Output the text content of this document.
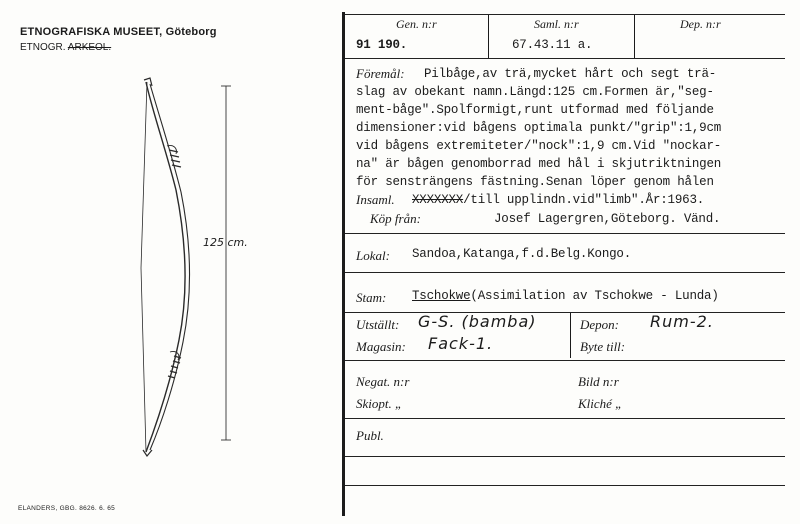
ETNOGRAFISKA MUSEET, Göteborg
ETNOGR. ARKEOL.
125 cm.
ELANDERS, GBG. 8626. 6. 65
Gen. n:r	Saml. n:r	Dep. n:r
91 190.	67.43.11 a.
Föremål: Pilbåge,av trä,mycket hårt och segt trä-
slag av obekant namn.Längd:125 cm.Formen är,"seg-
ment-båge".Spolformigt,runt utformad med följande
dimensioner:vid bågens optimala punkt/"grip":1,9cm
vid bågens extremiteter/"nock":1,9 cm.Vid "nockar-
na" är bågen genomborrad med hål i skjutriktningen
för sensträngens fästning.Senan löper genom hålen
Insaml. XXXXXXX/till upplindn.vid"limb".År:1963.
Köp från:	Josef Lagergren,Göteborg. Vänd.
Lokal: Sandoa,Katanga,f.d.Belg.Kongo.
Stam: Tschokwe(Assimilation av Tschokwe - Lunda)
Utställt: G-S. (bamba)	Depon: Rum-2.
Magasin: Fack-1.	Byte till:
Negat. n:r	Bild n:r
Skiopt. „	Kliché „
Publ.
